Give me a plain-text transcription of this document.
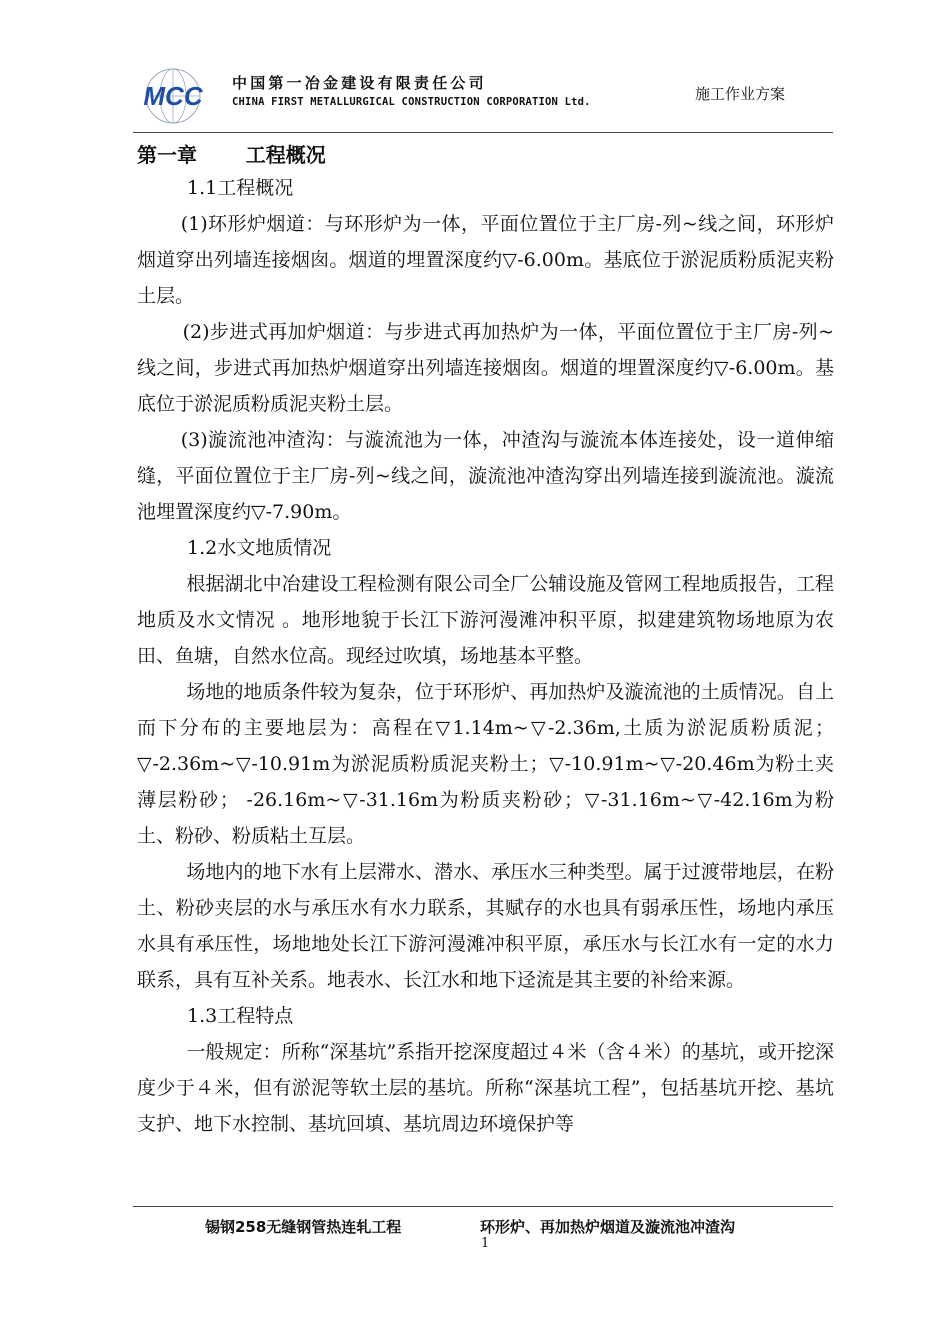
MCC 中国第一冶金建设有限责任公司
CHINA FIRST METALLURGICAL CONSTRUCTION CORPORATION Ltd.	施工作业方案
第一章       工程概况

1.1工程概况

(1)环形炉烟道：与环形炉为一体，平面位置位于主厂房-列~线之间，环形炉烟道穿出列墙连接烟囱。烟道的埋置深度约▽-6.00m。基底位于淤泥质粉质泥夹粉土层。

(2)步进式再加炉烟道：与步进式再加热炉为一体，平面位置位于主厂房-列~线之间，步进式再加热炉烟道穿出列墙连接烟囱。烟道的埋置深度约▽-6.00m。基底位于淤泥质粉质泥夹粉土层。

(3)漩流池冲渣沟：与漩流池为一体，冲渣沟与漩流本体连接处，设一道伸缩缝，平面位置位于主厂房-列~线之间，漩流池冲渣沟穿出列墙连接到漩流池。漩流池埋置深度约▽-7.90m。

1.2水文地质情况

根据湖北中冶建设工程检测有限公司全厂公辅设施及管网工程地质报告，工程地质及水文情况 。地形地貌于长江下游河漫滩冲积平原，拟建建筑物场地原为农田、鱼塘，自然水位高。现经过吹填，场地基本平整。

场地的地质条件较为复杂，位于环形炉、再加热炉及漩流池的土质情况。自上而下分布的主要地层为：高程在▽1.14m~▽-2.36m,土质为淤泥质粉质泥；▽-2.36m~▽-10.91m为淤泥质粉质泥夹粉土；▽-10.91m~▽-20.46m为粉土夹薄层粉砂； -26.16m~▽-31.16m为粉质夹粉砂；▽-31.16m~▽-42.16m为粉土、粉砂、粉质粘土互层。

场地内的地下水有上层滞水、潜水、承压水三种类型。属于过渡带地层，在粉土、粉砂夹层的水与承压水有水力联系，其赋存的水也具有弱承压性，场地内承压水具有承压性，场地地处长江下游河漫滩冲积平原，承压水与长江水有一定的水力联系，具有互补关系。地表水、长江水和地下迳流是其主要的补给来源。

1.3工程特点

一般规定：所称“深基坑”系指开挖深度超过４米（含４米）的基坑，或开挖深度少于４米，但有淤泥等软土层的基坑。所称“深基坑工程”，包括基坑开挖、基坑支护、地下水控制、基坑回填、基坑周边环境保护等

锡钢258无缝钢管热连轧工程	环形炉、再加热炉烟道及漩流池冲渣沟
1
